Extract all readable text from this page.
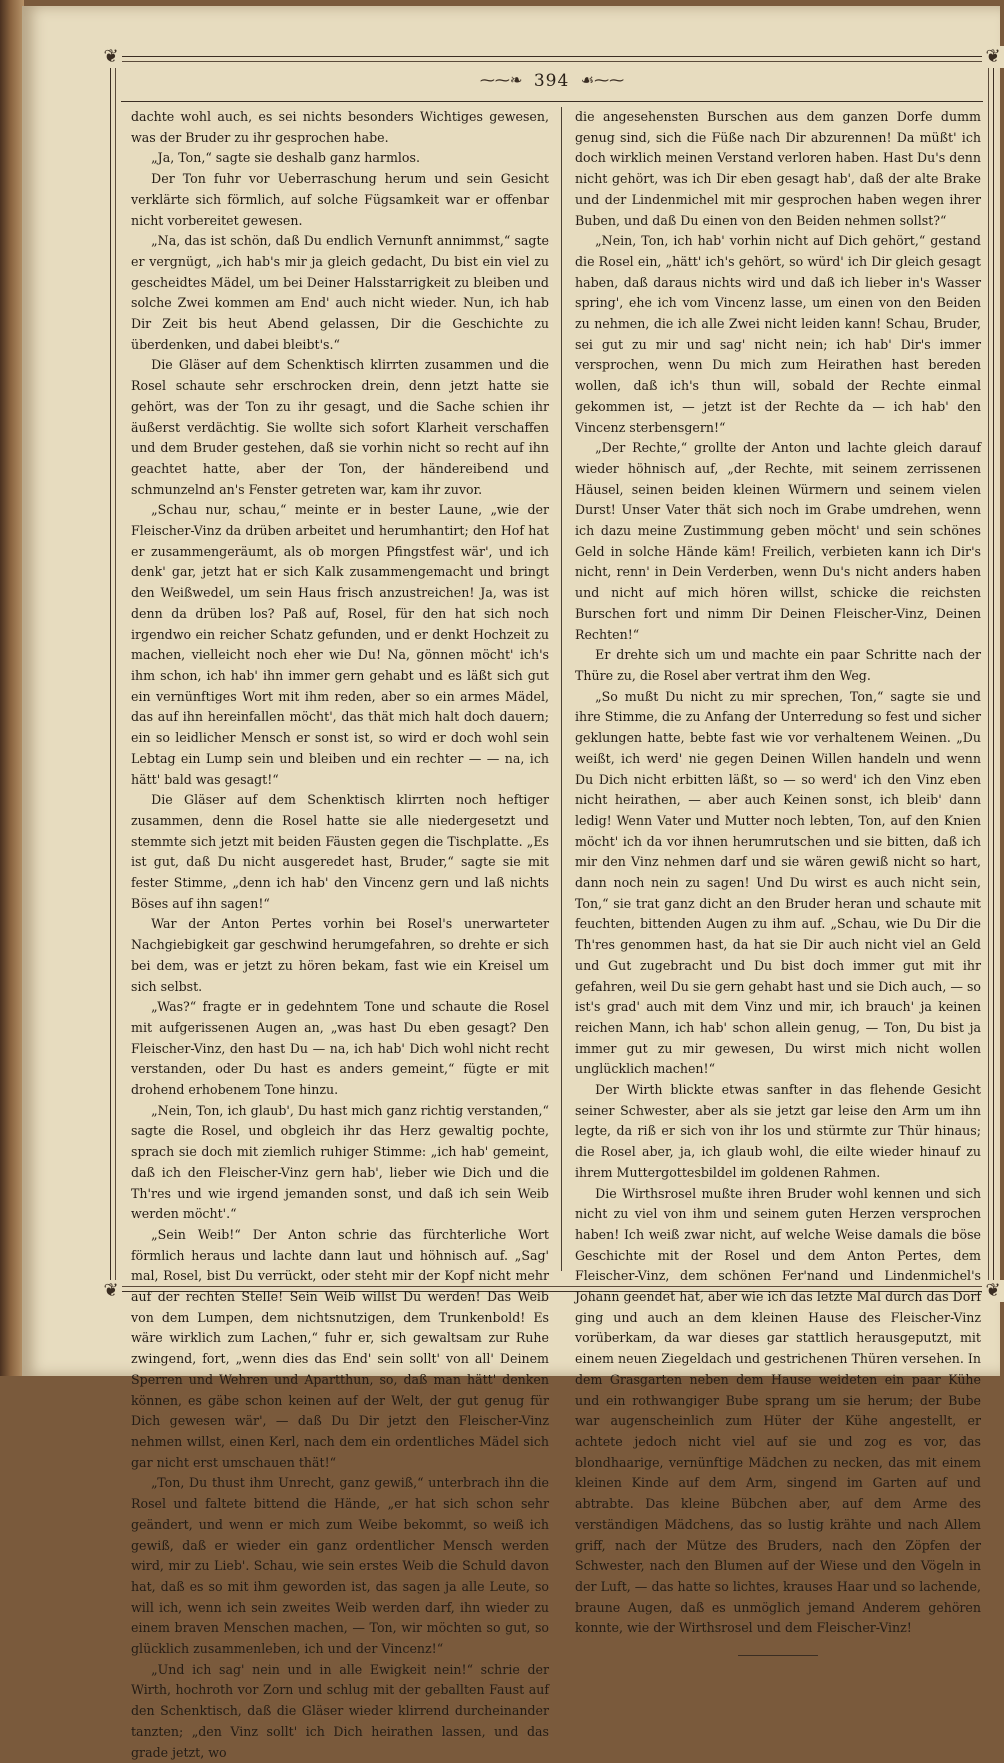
❦	❦
❦	❦
⁓⁓❧ 394 ☙⁓⁓

dachte wohl auch, es sei nichts besonders Wichtiges gewesen, was der Bruder zu ihr gesprochen habe.

„Ja, Ton,“ sagte sie deshalb ganz harmlos.

Der Ton fuhr vor Ueberraschung herum und sein Gesicht verklärte sich förmlich, auf solche Fügsamkeit war er offenbar nicht vorbereitet gewesen.

„Na, das ist schön, daß Du endlich Vernunft annimmst,“ sagte er vergnügt, „ich hab's mir ja gleich gedacht, Du bist ein viel zu gescheidtes Mädel, um bei Deiner Halsstarrigkeit zu bleiben und solche Zwei kommen am End' auch nicht wieder. Nun, ich hab Dir Zeit bis heut Abend gelassen, Dir die Geschichte zu überdenken, und dabei bleibt's.“

Die Gläser auf dem Schenktisch klirrten zusammen und die Rosel schaute sehr erschrocken drein, denn jetzt hatte sie gehört, was der Ton zu ihr gesagt, und die Sache schien ihr äußerst verdächtig. Sie wollte sich sofort Klarheit verschaffen und dem Bruder gestehen, daß sie vorhin nicht so recht auf ihn geachtet hatte, aber der Ton, der händereibend und schmunzelnd an's Fenster getreten war, kam ihr zuvor.

„Schau nur, schau,“ meinte er in bester Laune, „wie der Fleischer-Vinz da drüben arbeitet und herumhantirt; den Hof hat er zusammengeräumt, als ob morgen Pfingstfest wär', und ich denk' gar, jetzt hat er sich Kalk zusammengemacht und bringt den Weißwedel, um sein Haus frisch anzustreichen! Ja, was ist denn da drüben los? Paß auf, Rosel, für den hat sich noch irgendwo ein reicher Schatz gefunden, und er denkt Hochzeit zu machen, vielleicht noch eher wie Du! Na, gönnen möcht' ich's ihm schon, ich hab' ihn immer gern gehabt und es läßt sich gut ein vernünftiges Wort mit ihm reden, aber so ein armes Mädel, das auf ihn hereinfallen möcht', das thät mich halt doch dauern; ein so leidlicher Mensch er sonst ist, so wird er doch wohl sein Lebtag ein Lump sein und bleiben und ein rechter — — na, ich hätt' bald was gesagt!“

Die Gläser auf dem Schenktisch klirrten noch heftiger zusammen, denn die Rosel hatte sie alle niedergesetzt und stemmte sich jetzt mit beiden Fäusten gegen die Tischplatte. „Es ist gut, daß Du nicht ausgeredet hast, Bruder,“ sagte sie mit fester Stimme, „denn ich hab' den Vincenz gern und laß nichts Böses auf ihn sagen!“

War der Anton Pertes vorhin bei Rosel's unerwarteter Nachgiebigkeit gar geschwind herumgefahren, so drehte er sich bei dem, was er jetzt zu hören bekam, fast wie ein Kreisel um sich selbst.

„Was?“ fragte er in gedehntem Tone und schaute die Rosel mit aufgerissenen Augen an, „was hast Du eben gesagt? Den Fleischer-Vinz, den hast Du — na, ich hab' Dich wohl nicht recht verstanden, oder Du hast es anders gemeint,“ fügte er mit drohend erhobenem Tone hinzu.

„Nein, Ton, ich glaub', Du hast mich ganz richtig verstanden,“ sagte die Rosel, und obgleich ihr das Herz gewaltig pochte, sprach sie doch mit ziemlich ruhiger Stimme: „ich hab' gemeint, daß ich den Fleischer-Vinz gern hab', lieber wie Dich und die Th'res und wie irgend jemanden sonst, und daß ich sein Weib werden möcht'.“

„Sein Weib!“ Der Anton schrie das fürchterliche Wort förmlich heraus und lachte dann laut und höhnisch auf. „Sag' mal, Rosel, bist Du verrückt, oder steht mir der Kopf nicht mehr auf der rechten Stelle! Sein Weib willst Du werden! Das Weib von dem Lumpen, dem nichtsnutzigen, dem Trunkenbold! Es wäre wirklich zum Lachen,“ fuhr er, sich gewaltsam zur Ruhe zwingend, fort, „wenn dies das End' sein sollt' von all' Deinem Sperren und Wehren und Apartthun, so, daß man hätt' denken können, es gäbe schon keinen auf der Welt, der gut genug für Dich gewesen wär', — daß Du Dir jetzt den Fleischer-Vinz nehmen willst, einen Kerl, nach dem ein ordentliches Mädel sich gar nicht erst umschauen thät!“

„Ton, Du thust ihm Unrecht, ganz gewiß,“ unterbrach ihn die Rosel und faltete bittend die Hände, „er hat sich schon sehr geändert, und wenn er mich zum Weibe bekommt, so weiß ich gewiß, daß er wieder ein ganz ordentlicher Mensch werden wird, mir zu Lieb'. Schau, wie sein erstes Weib die Schuld davon hat, daß es so mit ihm geworden ist, das sagen ja alle Leute, so will ich, wenn ich sein zweites Weib werden darf, ihn wieder zu einem braven Menschen machen, — Ton, wir möchten so gut, so glücklich zusammenleben, ich und der Vincenz!“

„Und ich sag' nein und in alle Ewigkeit nein!“ schrie der Wirth, hochroth vor Zorn und schlug mit der geballten Faust auf den Schenktisch, daß die Gläser wieder klirrend durcheinander tanzten; „den Vinz sollt' ich Dich heirathen lassen, und das grade jetzt, wo

die angesehensten Burschen aus dem ganzen Dorfe dumm genug sind, sich die Füße nach Dir abzurennen! Da müßt' ich doch wirklich meinen Verstand verloren haben. Hast Du's denn nicht gehört, was ich Dir eben gesagt hab', daß der alte Brake und der Lindenmichel mit mir gesprochen haben wegen ihrer Buben, und daß Du einen von den Beiden nehmen sollst?“

„Nein, Ton, ich hab' vorhin nicht auf Dich gehört,“ gestand die Rosel ein, „hätt' ich's gehört, so würd' ich Dir gleich gesagt haben, daß daraus nichts wird und daß ich lieber in's Wasser spring', ehe ich vom Vincenz lasse, um einen von den Beiden zu nehmen, die ich alle Zwei nicht leiden kann! Schau, Bruder, sei gut zu mir und sag' nicht nein; ich hab' Dir's immer versprochen, wenn Du mich zum Heirathen hast bereden wollen, daß ich's thun will, sobald der Rechte einmal gekommen ist, — jetzt ist der Rechte da — ich hab' den Vincenz sterbensgern!“

„Der Rechte,“ grollte der Anton und lachte gleich darauf wieder höhnisch auf, „der Rechte, mit seinem zerrissenen Häusel, seinen beiden kleinen Würmern und seinem vielen Durst! Unser Vater thät sich noch im Grabe umdrehen, wenn ich dazu meine Zustimmung geben möcht' und sein schönes Geld in solche Hände käm! Freilich, verbieten kann ich Dir's nicht, renn' in Dein Verderben, wenn Du's nicht anders haben und nicht auf mich hören willst, schicke die reichsten Burschen fort und nimm Dir Deinen Fleischer-Vinz, Deinen Rechten!“

Er drehte sich um und machte ein paar Schritte nach der Thüre zu, die Rosel aber vertrat ihm den Weg.

„So mußt Du nicht zu mir sprechen, Ton,“ sagte sie und ihre Stimme, die zu Anfang der Unterredung so fest und sicher geklungen hatte, bebte fast wie vor verhaltenem Weinen. „Du weißt, ich werd' nie gegen Deinen Willen handeln und wenn Du Dich nicht erbitten läßt, so — so werd' ich den Vinz eben nicht heirathen, — aber auch Keinen sonst, ich bleib' dann ledig! Wenn Vater und Mutter noch lebten, Ton, auf den Knien möcht' ich da vor ihnen herumrutschen und sie bitten, daß ich mir den Vinz nehmen darf und sie wären gewiß nicht so hart, dann noch nein zu sagen! Und Du wirst es auch nicht sein, Ton,“ sie trat ganz dicht an den Bruder heran und schaute mit feuchten, bittenden Augen zu ihm auf. „Schau, wie Du Dir die Th'res genommen hast, da hat sie Dir auch nicht viel an Geld und Gut zugebracht und Du bist doch immer gut mit ihr gefahren, weil Du sie gern gehabt hast und sie Dich auch, — so ist's grad' auch mit dem Vinz und mir, ich brauch' ja keinen reichen Mann, ich hab' schon allein genug, — Ton, Du bist ja immer gut zu mir gewesen, Du wirst mich nicht wollen unglücklich machen!“

Der Wirth blickte etwas sanfter in das flehende Gesicht seiner Schwester, aber als sie jetzt gar leise den Arm um ihn legte, da riß er sich von ihr los und stürmte zur Thür hinaus; die Rosel aber, ja, ich glaub wohl, die eilte wieder hinauf zu ihrem Muttergottesbildel im goldenen Rahmen.

Die Wirthsrosel mußte ihren Bruder wohl kennen und sich nicht zu viel von ihm und seinem guten Herzen versprochen haben! Ich weiß zwar nicht, auf welche Weise damals die böse Geschichte mit der Rosel und dem Anton Pertes, dem Fleischer-Vinz, dem schönen Fer'nand und Lindenmichel's Johann geendet hat, aber wie ich das letzte Mal durch das Dorf ging und auch an dem kleinen Hause des Fleischer-Vinz vorüberkam, da war dieses gar stattlich herausgeputzt, mit einem neuen Ziegeldach und gestrichenen Thüren versehen. In dem Grasgarten neben dem Hause weideten ein paar Kühe und ein rothwangiger Bube sprang um sie herum; der Bube war augenscheinlich zum Hüter der Kühe angestellt, er achtete jedoch nicht viel auf sie und zog es vor, das blondhaarige, vernünftige Mädchen zu necken, das mit einem kleinen Kinde auf dem Arm, singend im Garten auf und abtrabte. Das kleine Bübchen aber, auf dem Arme des verständigen Mädchens, das so lustig krähte und nach Allem griff, nach der Mütze des Bruders, nach den Zöpfen der Schwester, nach den Blumen auf der Wiese und den Vögeln in der Luft, — das hatte so lichtes, krauses Haar und so lachende, braune Augen, daß es unmöglich jemand Anderem gehören konnte, wie der Wirthsrosel und dem Fleischer-Vinz!
